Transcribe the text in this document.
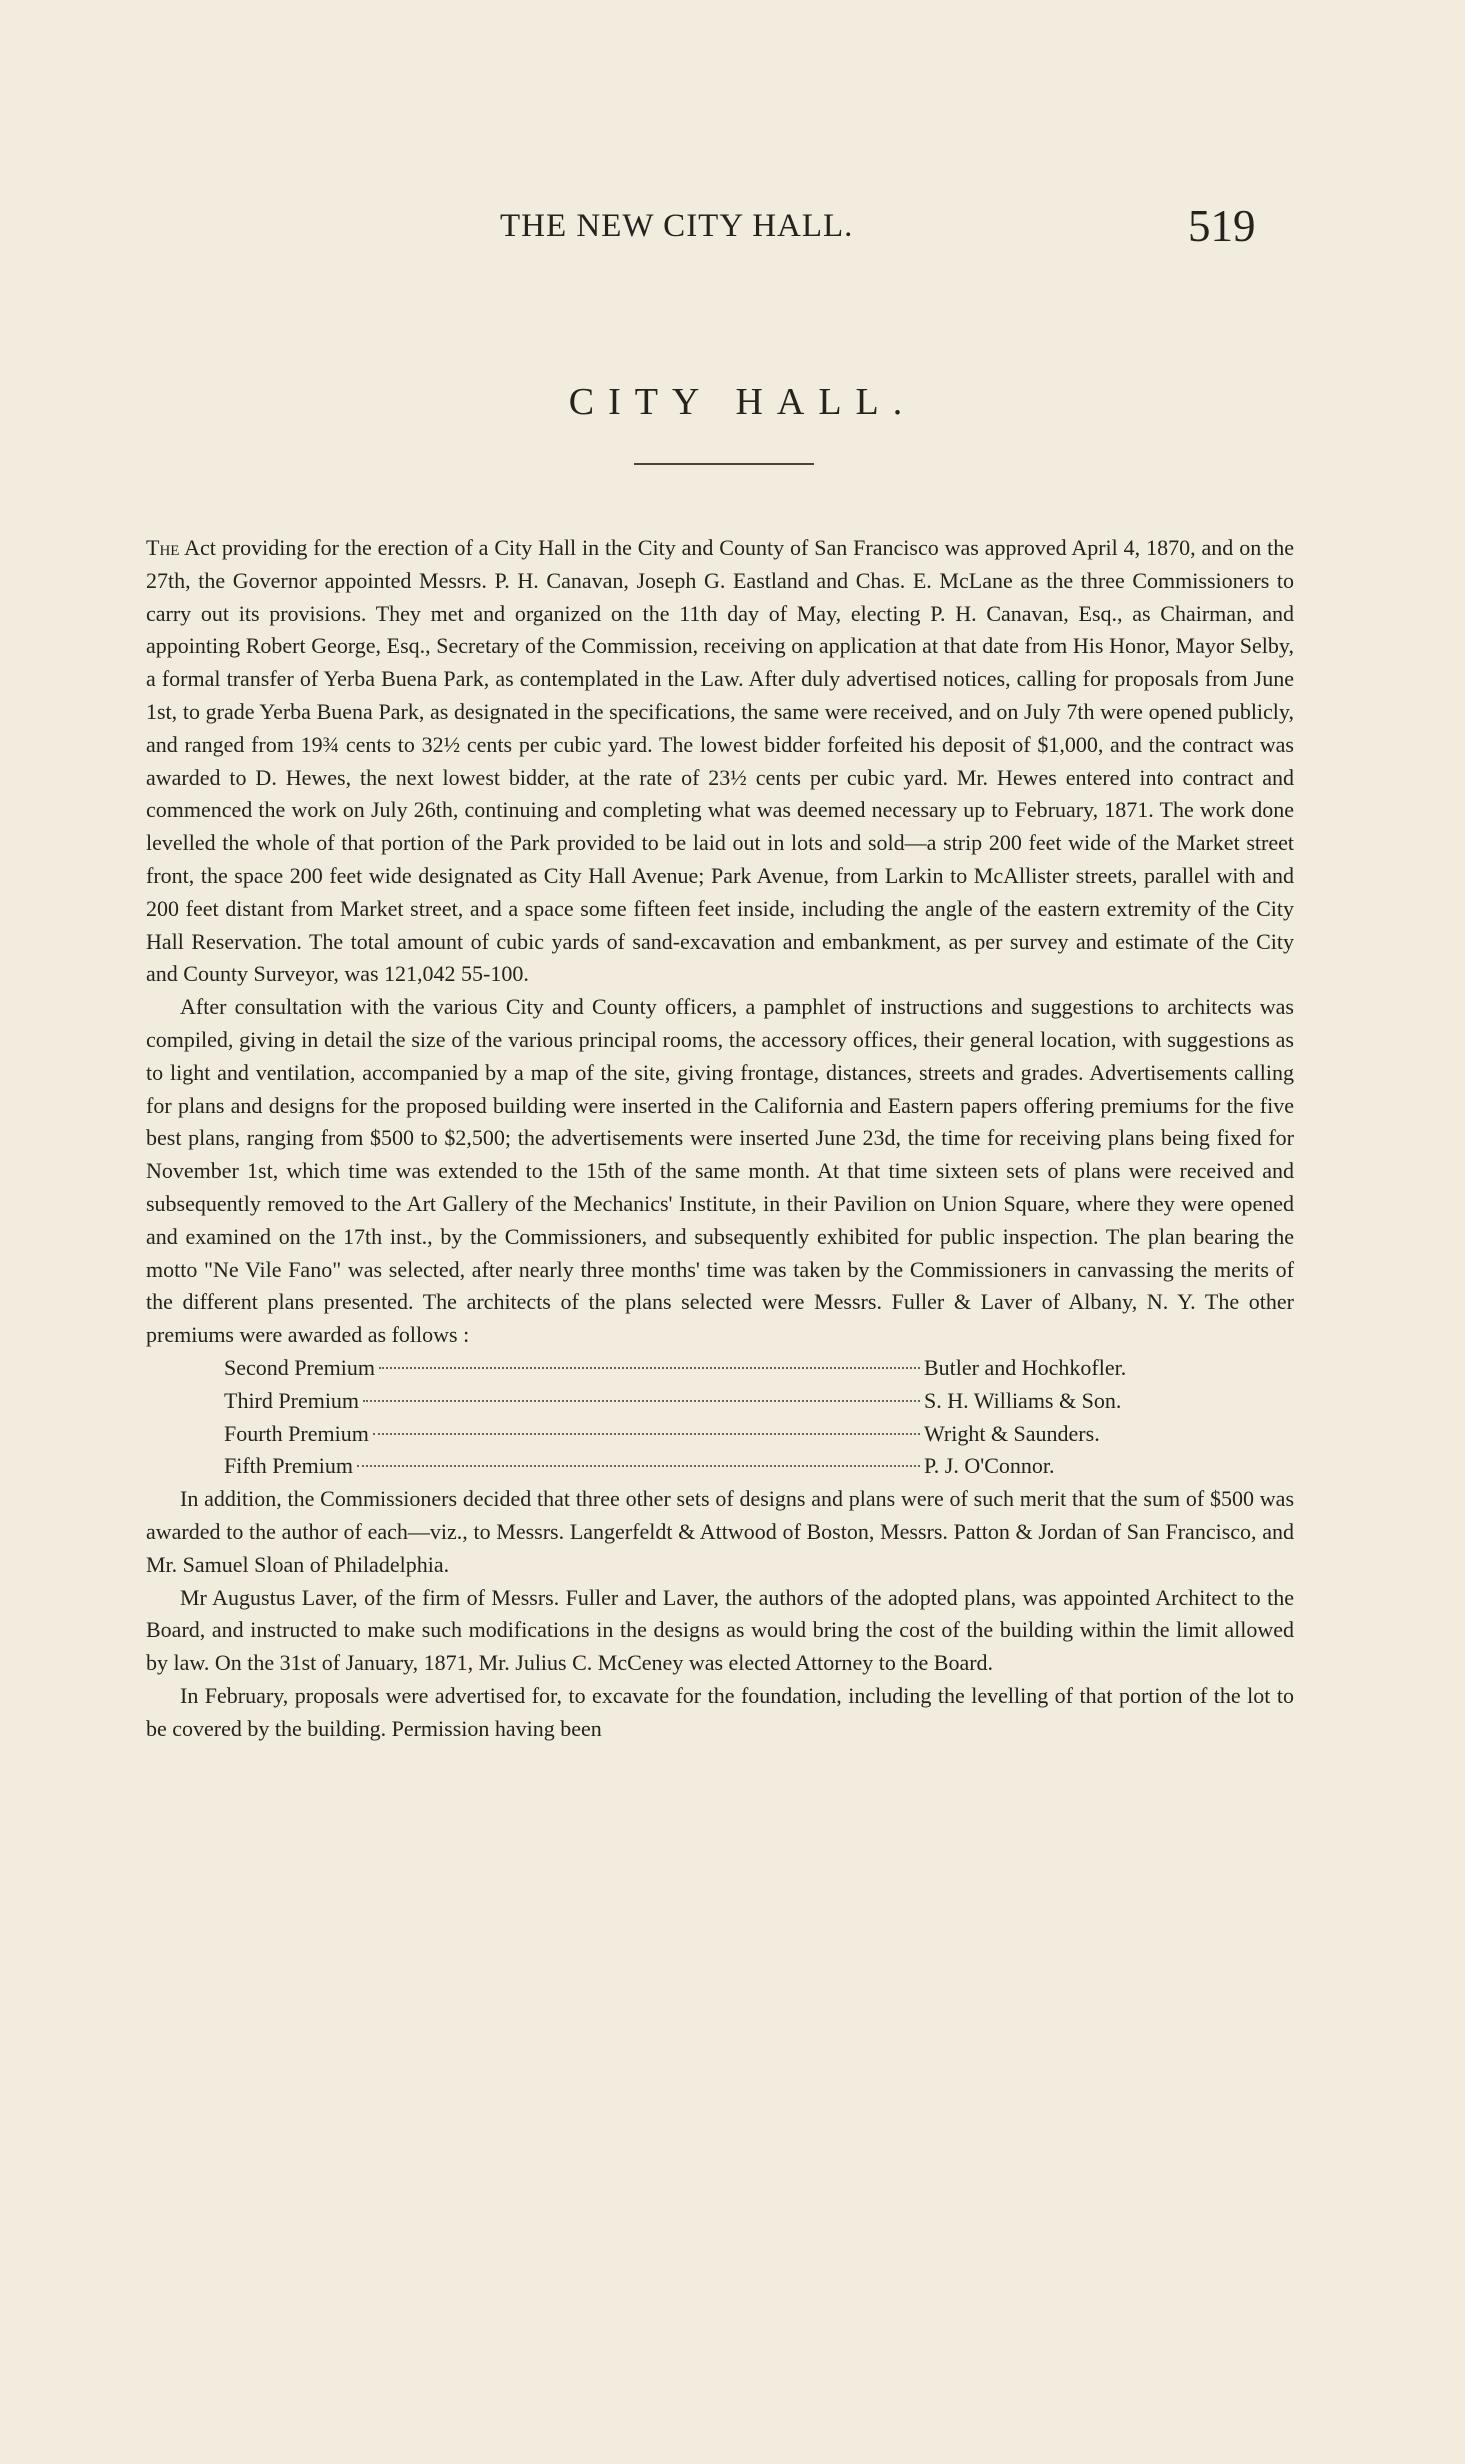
THE NEW CITY HALL.	519
CITY HALL.

The Act providing for the erection of a City Hall in the City and County of San Francisco was approved April 4, 1870, and on the 27th, the Governor appointed Messrs. P. H. Canavan, Joseph G. Eastland and Chas. E. McLane as the three Commissioners to carry out its provisions. They met and organized on the 11th day of May, electing P. H. Canavan, Esq., as Chairman, and appointing Robert George, Esq., Secretary of the Commission, receiving on application at that date from His Honor, Mayor Selby, a formal transfer of Yerba Buena Park, as contemplated in the Law. After duly advertised notices, calling for proposals from June 1st, to grade Yerba Buena Park, as designated in the specifications, the same were received, and on July 7th were opened publicly, and ranged from 19¾ cents to 32½ cents per cubic yard. The lowest bidder forfeited his deposit of $1,000, and the contract was awarded to D. Hewes, the next lowest bidder, at the rate of 23½ cents per cubic yard. Mr. Hewes entered into contract and commenced the work on July 26th, continuing and completing what was deemed necessary up to February, 1871. The work done levelled the whole of that portion of the Park provided to be laid out in lots and sold—a strip 200 feet wide of the Market street front, the space 200 feet wide designated as City Hall Avenue; Park Avenue, from Larkin to McAllister streets, parallel with and 200 feet distant from Market street, and a space some fifteen feet inside, including the angle of the eastern extremity of the City Hall Reservation. The total amount of cubic yards of sand-excavation and embankment, as per survey and estimate of the City and County Surveyor, was 121,042 55-100.

After consultation with the various City and County officers, a pamphlet of instructions and suggestions to architects was compiled, giving in detail the size of the various principal rooms, the accessory offices, their general location, with suggestions as to light and ventilation, accompanied by a map of the site, giving frontage, distances, streets and grades. Advertisements calling for plans and designs for the proposed building were inserted in the California and Eastern papers offering premiums for the five best plans, ranging from $500 to $2,500; the advertisements were inserted June 23d, the time for receiving plans being fixed for November 1st, which time was extended to the 15th of the same month. At that time sixteen sets of plans were received and subsequently removed to the Art Gallery of the Mechanics' Institute, in their Pavilion on Union Square, where they were opened and examined on the 17th inst., by the Commissioners, and subsequently exhibited for public inspection. The plan bearing the motto "Ne Vile Fano" was selected, after nearly three months' time was taken by the Commissioners in canvassing the merits of the different plans presented. The architects of the plans selected were Messrs. Fuller & Laver of Albany, N. Y. The other premiums were awarded as follows :

Second Premium	Butler and Hochkofler.
Third Premium	S. H. Williams & Son.
Fourth Premium	Wright & Saunders.
Fifth Premium	P. J. O'Connor.

In addition, the Commissioners decided that three other sets of designs and plans were of such merit that the sum of $500 was awarded to the author of each—viz., to Messrs. Langerfeldt & Attwood of Boston, Messrs. Patton & Jordan of San Francisco, and Mr. Samuel Sloan of Philadelphia.

Mr Augustus Laver, of the firm of Messrs. Fuller and Laver, the authors of the adopted plans, was appointed Architect to the Board, and instructed to make such modifications in the designs as would bring the cost of the building within the limit allowed by law. On the 31st of January, 1871, Mr. Julius C. McCeney was elected Attorney to the Board.

In February, proposals were advertised for, to excavate for the foundation, including the levelling of that portion of the lot to be covered by the building. Permission having been
